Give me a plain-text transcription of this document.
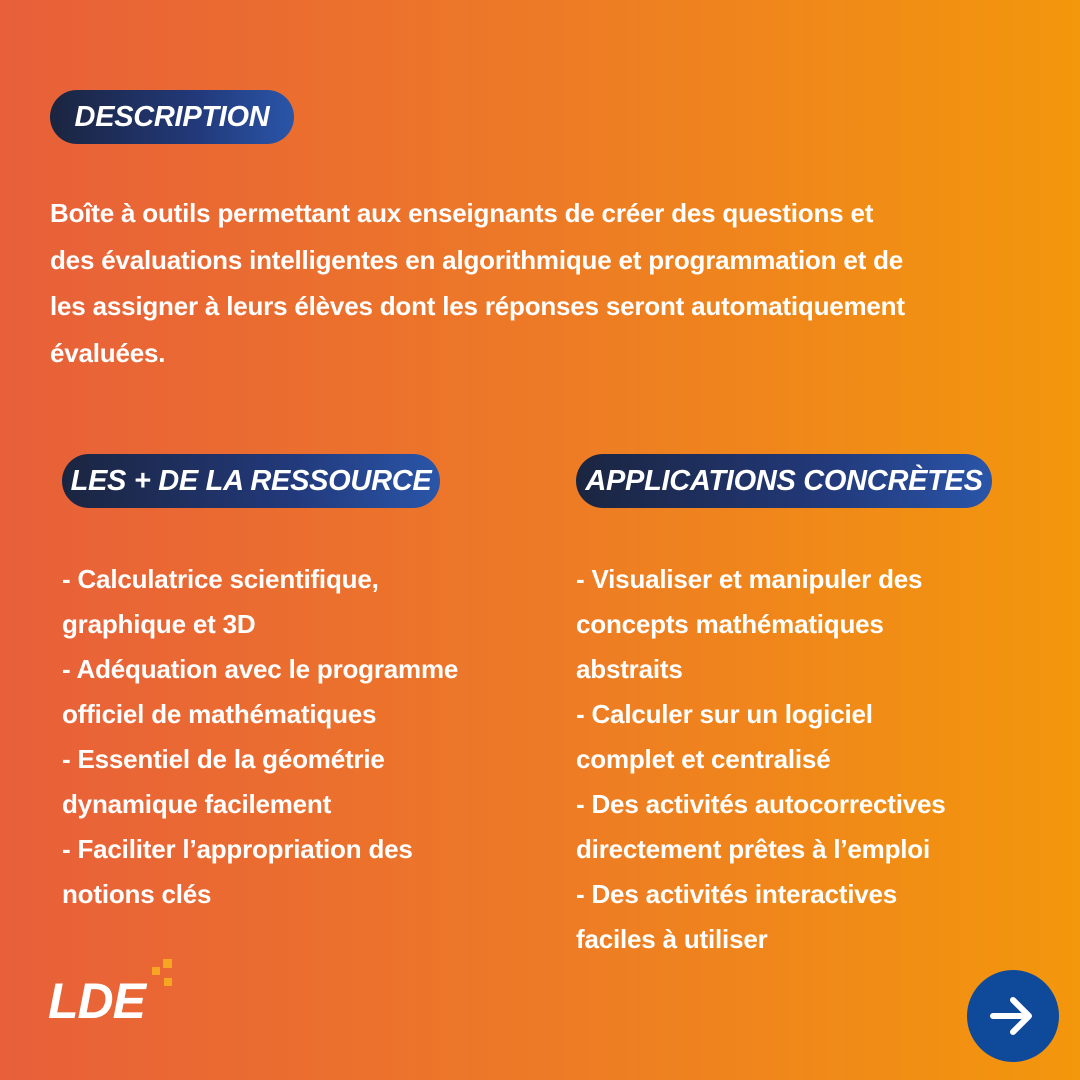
DESCRIPTION
Boîte à outils permettant aux enseignants de créer des questions et
des évaluations intelligentes en algorithmique et programmation et de
les assigner à leurs élèves dont les réponses seront automatiquement
évaluées.
LES + DE LA RESSOURCE	APPLICATIONS CONCRÈTES
- Calculatrice scientifique,
graphique et 3D
- Adéquation avec le programme
officiel de mathématiques
- Essentiel de la géométrie
dynamique facilement
- Faciliter l’appropriation des
notions clés
- Visualiser et manipuler des
concepts mathématiques
abstraits
- Calculer sur un logiciel
complet et centralisé
- Des activités autocorrectives
directement prêtes à l’emploi
- Des activités interactives
faciles à utiliser
LDE
